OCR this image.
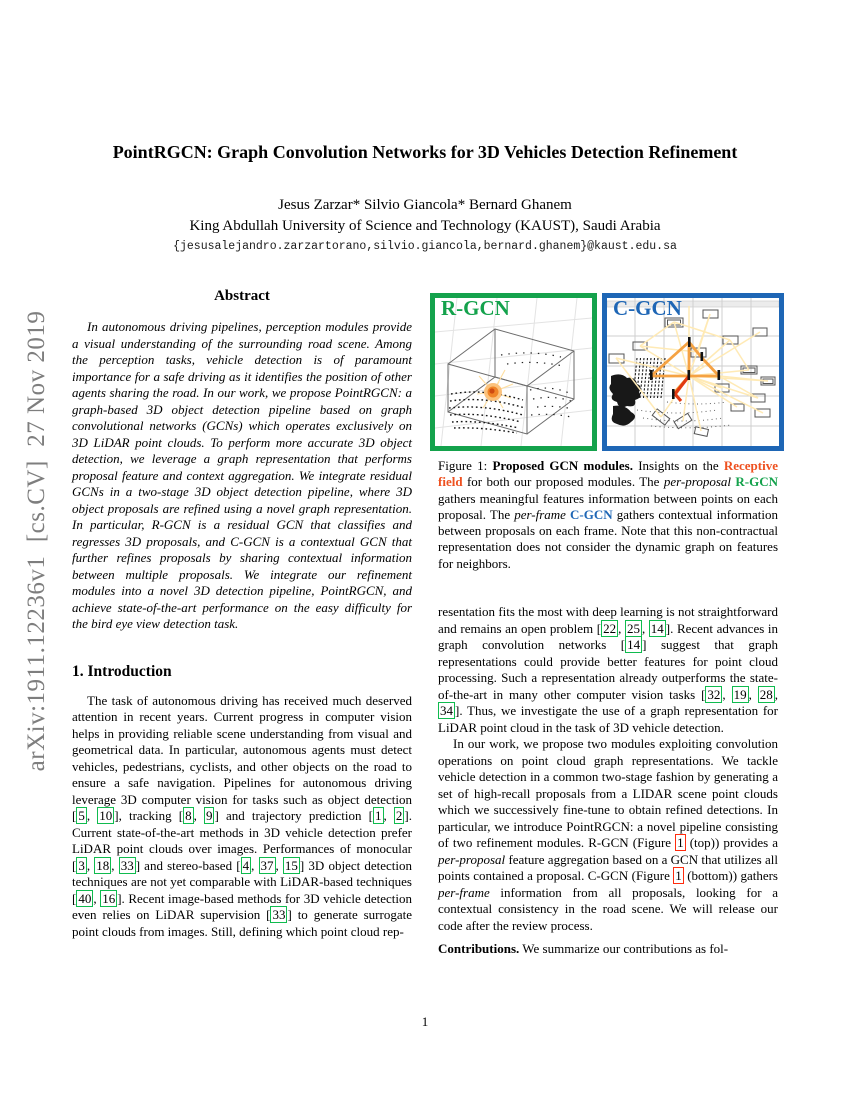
arXiv:1911.12236v1  [cs.CV]  27 Nov 2019
PointRGCN: Graph Convolution Networks for 3D Vehicles Detection Refinement
Jesus Zarzar* Silvio Giancola* Bernard Ghanem
King Abdullah University of Science and Technology (KAUST), Saudi Arabia
{jesusalejandro.zarzartorano,silvio.giancola,bernard.ghanem}@kaust.edu.sa
Abstract

In autonomous driving pipelines, perception modules provide a visual understanding of the surrounding road scene. Among the perception tasks, vehicle detection is of paramount importance for a safe driving as it identifies the position of other agents sharing the road. In our work, we propose PointRGCN: a graph-based 3D object detection pipeline based on graph convolutional networks (GCNs) which operates exclusively on 3D LiDAR point clouds. To perform more accurate 3D object detection, we leverage a graph representation that performs proposal feature and context aggregation. We integrate residual GCNs in a two-stage 3D object detection pipeline, where 3D object proposals are refined using a novel graph representation. In particular, R-GCN is a residual GCN that classifies and regresses 3D proposals, and C-GCN is a contextual GCN that further refines proposals by sharing contextual information between multiple proposals. We integrate our refinement modules into a novel 3D detection pipeline, PointRGCN, and achieve state-of-the-art performance on the easy difficulty for the bird eye view detection task.

1. Introduction

The task of autonomous driving has received much deserved attention in recent years. Current progress in computer vision helps in providing reliable scene understanding from visual and geometrical data. In particular, autonomous agents must detect vehicles, pedestrians, cyclists, and other objects on the road to ensure a safe navigation. Pipelines for autonomous driving leverage 3D computer vision for tasks such as object detection [ 5 , 10 ], tracking [ 8 , 9 ] and trajectory prediction [ 1 , 2 ]. Current state-of-the-art methods in 3D vehicle detection prefer LiDAR point clouds over images. Performances of monocular [ 3 , 18 , 33 ] and stereo-based [ 4 , 37 , 15 ] 3D object detection techniques are not yet comparable with LiDAR-based techniques [ 40 , 16 ]. Recent image-based methods for 3D vehicle detection even relies on LiDAR supervision [ 33 ] to generate surrogate point clouds from images. Still, defining which point cloud rep-

R-GCN	C-GCN
Figure 1: Proposed GCN modules. Insights on the Receptive field for both our proposed modules. The per-proposal R-GCN gathers meaningful features information between points on each proposal. The per-frame C-GCN gathers contextual information between proposals on each frame. Note that this non-contractual representation does not consider the dynamic graph on features for neighbors.

resentation fits the most with deep learning is not straightforward and remains an open problem [ 22 , 25 , 14 ]. Recent advances in graph convolution networks [ 14 ] suggest that graph representations could provide better features for point cloud processing. Such a representation already outperforms the state-of-the-art in many other computer vision tasks [ 32 , 19 , 28 , 34 ]. Thus, we investigate the use of a graph representation for LiDAR point cloud in the task of 3D vehicle detection.

In our work, we propose two modules exploiting convolution operations on point cloud graph representations. We tackle vehicle detection in a common two-stage fashion by generating a set of high-recall proposals from a LIDAR scene point clouds which we successively fine-tune to obtain refined detections. In particular, we introduce PointRGCN: a novel pipeline consisting of two refinement modules. R-GCN (Figure 1 (top)) provides a per-proposal feature aggregation based on a GCN that utilizes all points contained a proposal. C-GCN (Figure 1 (bottom)) gathers per-frame information from all proposals, looking for a contextual consistency in the road scene. We will release our code after the review process.

Contributions. We summarize our contributions as fol-

1
